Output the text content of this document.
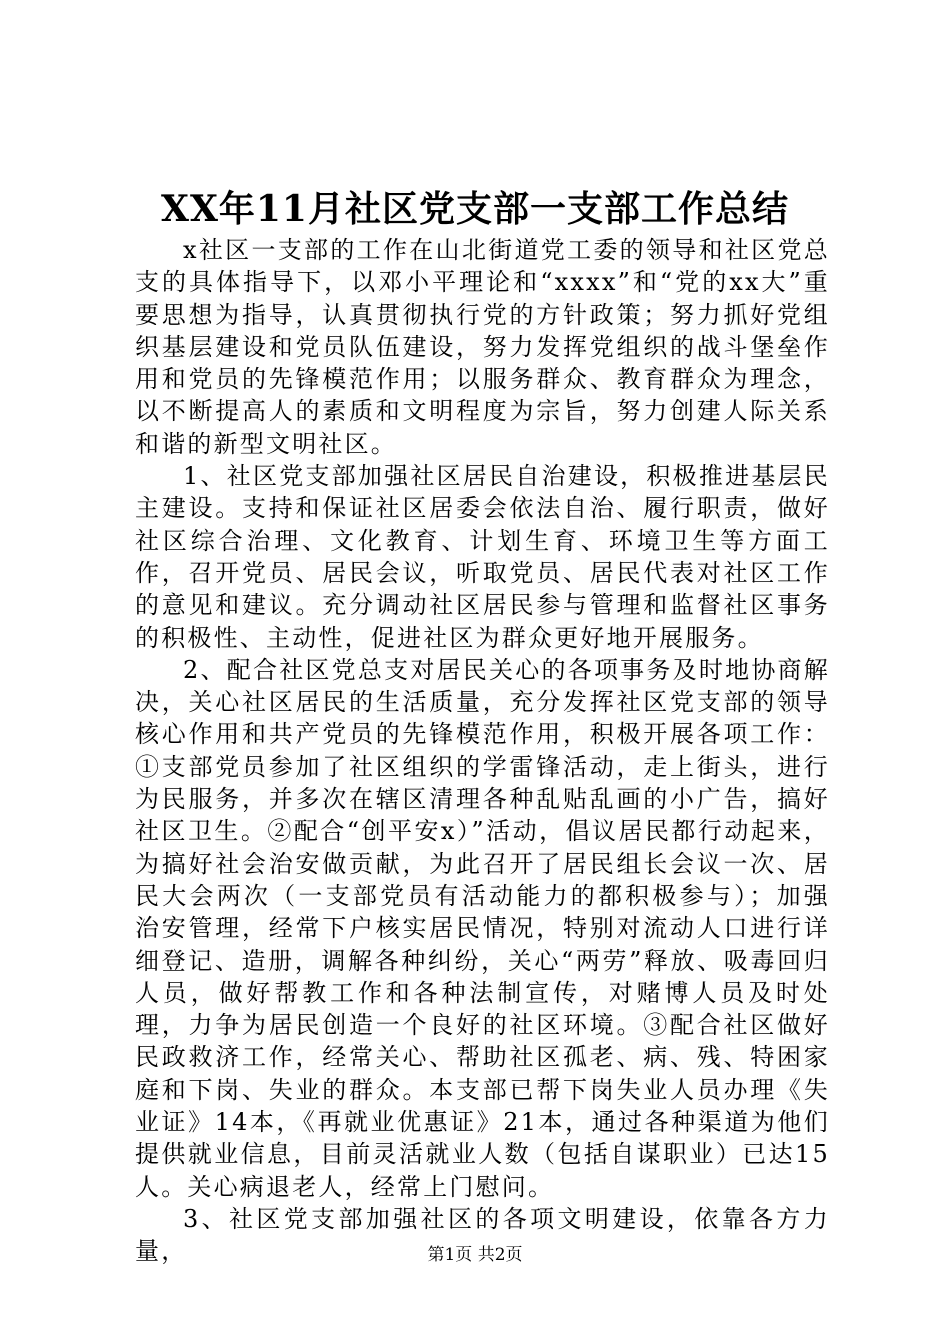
XX年11月社区党支部一支部工作总结

x社区一支部的工作在山北街道党工委的领导和社区党总支的具体指导下，以邓小平理论和“xxxx”和“党的xx大”重要思想为指导，认真贯彻执行党的方针政策；努力抓好党组织基层建设和党员队伍建设，努力发挥党组织的战斗堡垒作用和党员的先锋模范作用；以服务群众、教育群众为理念，以不断提高人的素质和文明程度为宗旨，努力创建人际关系和谐的新型文明社区。

1、社区党支部加强社区居民自治建设，积极推进基层民主建设。支持和保证社区居委会依法自治、履行职责，做好社区综合治理、文化教育、计划生育、环境卫生等方面工作，召开党员、居民会议，听取党员、居民代表对社区工作的意见和建议。充分调动社区居民参与管理和监督社区事务的积极性、主动性，促进社区为群众更好地开展服务。

2、配合社区党总支对居民关心的各项事务及时地协商解决，关心社区居民的生活质量，充分发挥社区党支部的领导核心作用和共产党员的先锋模范作用，积极开展各项工作：①支部党员参加了社区组织的学雷锋活动，走上街头，进行为民服务，并多次在辖区清理各种乱贴乱画的小广告，搞好社区卫生。②配合“创平安x）”活动，倡议居民都行动起来，为搞好社会治安做贡献，为此召开了居民组长会议一次、居民大会两次（一支部党员有活动能力的都积极参与）；加强治安管理，经常下户核实居民情况，特别对流动人口进行详细登记、造册，调解各种纠纷，关心“两劳”释放、吸毒回归人员，做好帮教工作和各种法制宣传，对赌博人员及时处理，力争为居民创造一个良好的社区环境。③配合社区做好民政救济工作，经常关心、帮助社区孤老、病、残、特困家庭和下岗、失业的群众。本支部已帮下岗失业人员办理《失业证》14本，《再就业优惠证》21本，通过各种渠道为他们提供就业信息，目前灵活就业人数（包括自谋职业）已达15人。关心病退老人，经常上门慰问。

3、社区党支部加强社区的各项文明建设，依靠各方力量，	第1页 共2页
